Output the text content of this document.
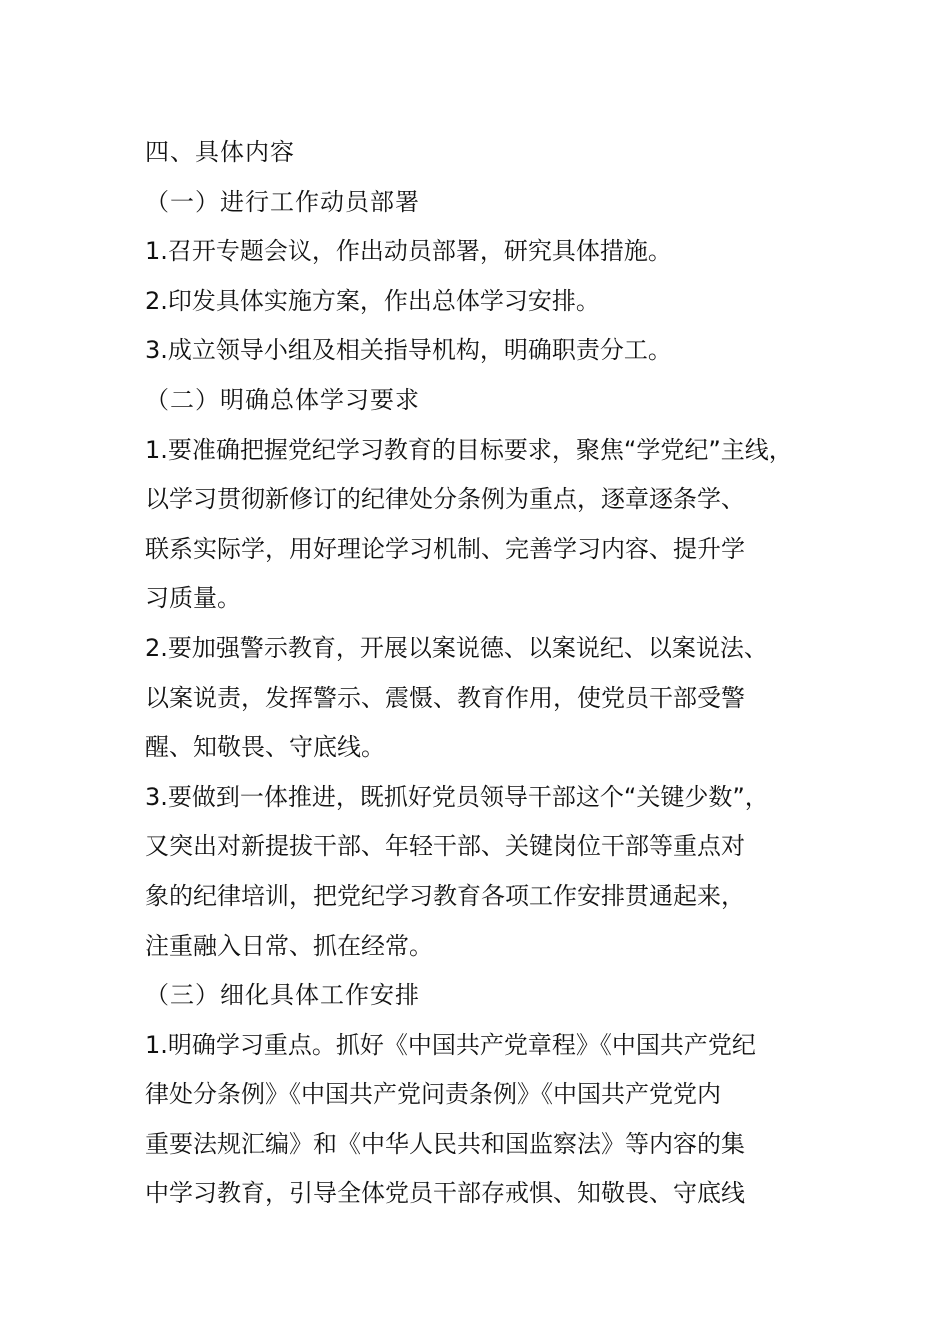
四、具体内容
（一）进行工作动员部署
1.召开专题会议，作出动员部署，研究具体措施。
2.印发具体实施方案，作出总体学习安排。
3.成立领导小组及相关指导机构，明确职责分工。
（二）明确总体学习要求
1.要准确把握党纪学习教育的目标要求，聚焦“学党纪”主线，
以学习贯彻新修订的纪律处分条例为重点，逐章逐条学、
联系实际学，用好理论学习机制、完善学习内容、提升学
习质量。
2.要加强警示教育，开展以案说德、以案说纪、以案说法、
以案说责，发挥警示、震慑、教育作用，使党员干部受警
醒、知敬畏、守底线。
3.要做到一体推进，既抓好党员领导干部这个“关键少数”，
又突出对新提拔干部、年轻干部、关键岗位干部等重点对
象的纪律培训，把党纪学习教育各项工作安排贯通起来，
注重融入日常、抓在经常。
（三）细化具体工作安排
1.明确学习重点。抓好《中国共产党章程》《中国共产党纪
律处分条例》《中国共产党问责条例》《中国共产党党内
重要法规汇编》和《中华人民共和国监察法》等内容的集
中学习教育，引导全体党员干部存戒惧、知敬畏、守底线
